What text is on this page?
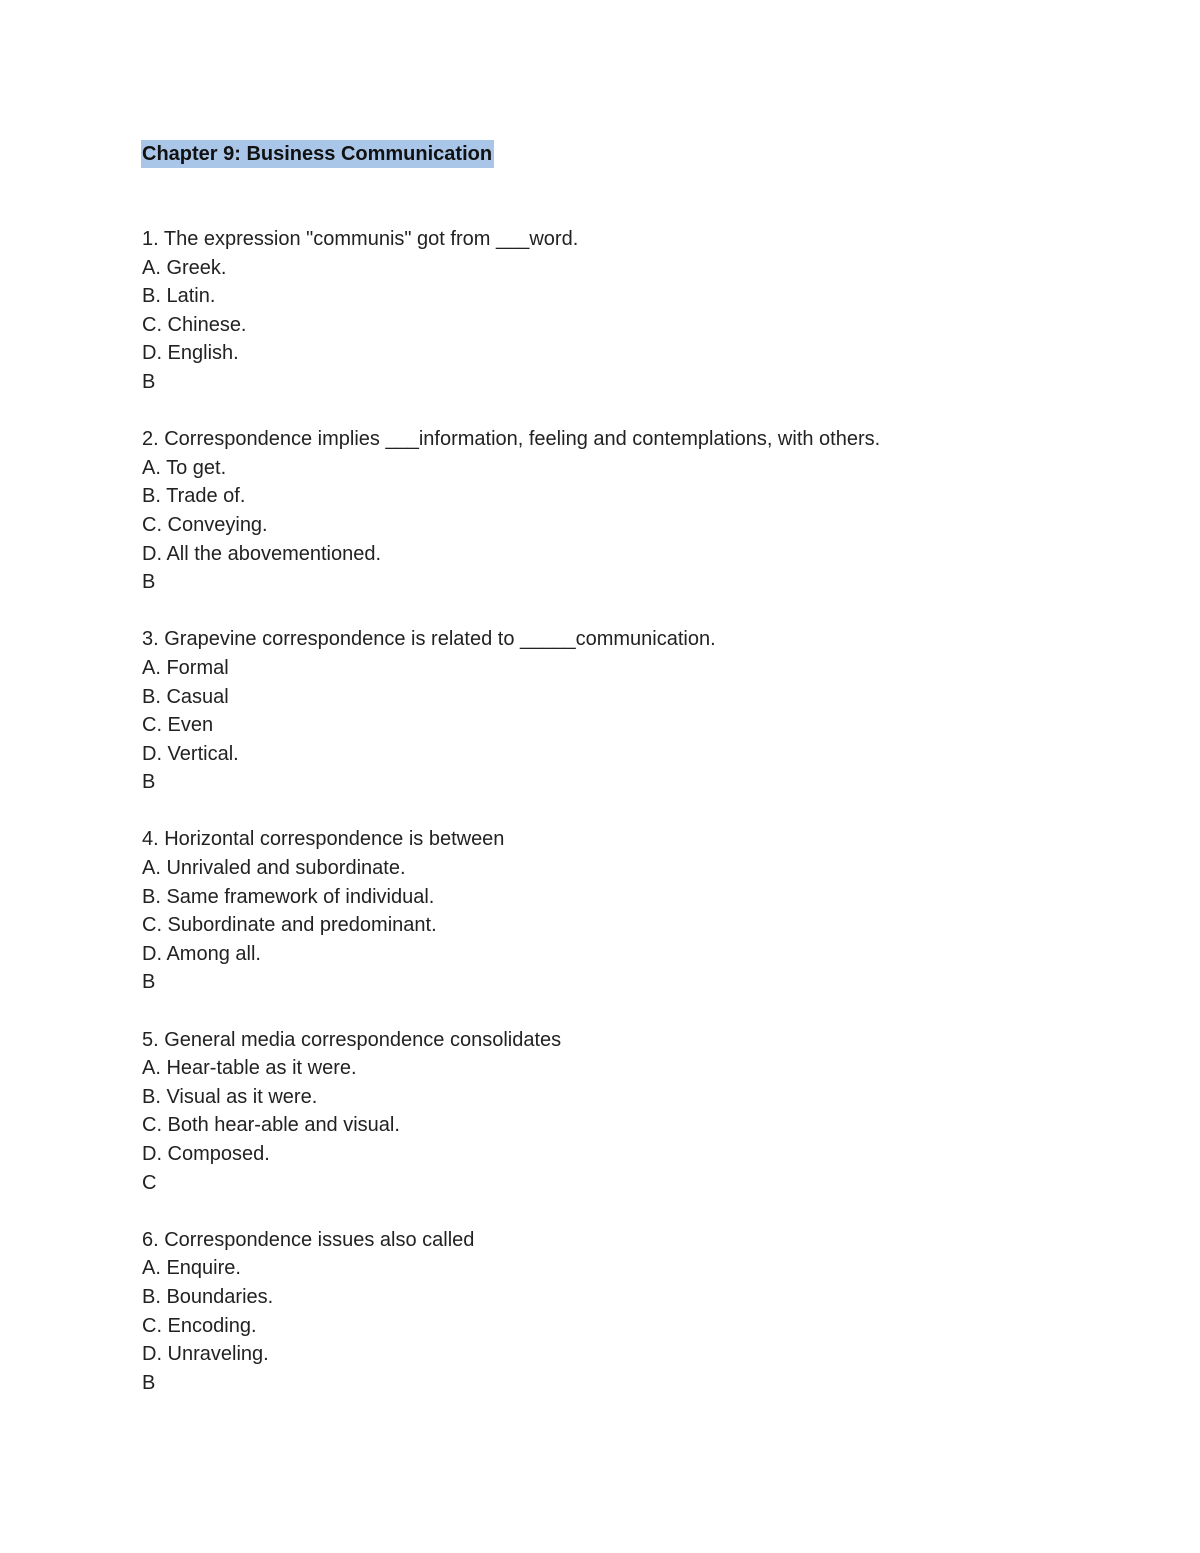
Chapter 9: Business Communication
1. The expression "communis" got from ___word.
A. Greek.
B. Latin.
C. Chinese.
D. English.
B
2. Correspondence implies ___information, feeling and contemplations, with others.
A. To get.
B. Trade of.
C. Conveying.
D. All the abovementioned.
B
3. Grapevine correspondence is related to _____communication.
A. Formal
B. Casual
C. Even
D. Vertical.
B
4. Horizontal correspondence is between
A. Unrivaled and subordinate.
B. Same framework of individual.
C. Subordinate and predominant.
D. Among all.
B
5. General media correspondence consolidates
A. Hear-table as it were.
B. Visual as it were.
C. Both hear-able and visual.
D. Composed.
C
6. Correspondence issues also called
A. Enquire.
B. Boundaries.
C. Encoding.
D. Unraveling.
B
